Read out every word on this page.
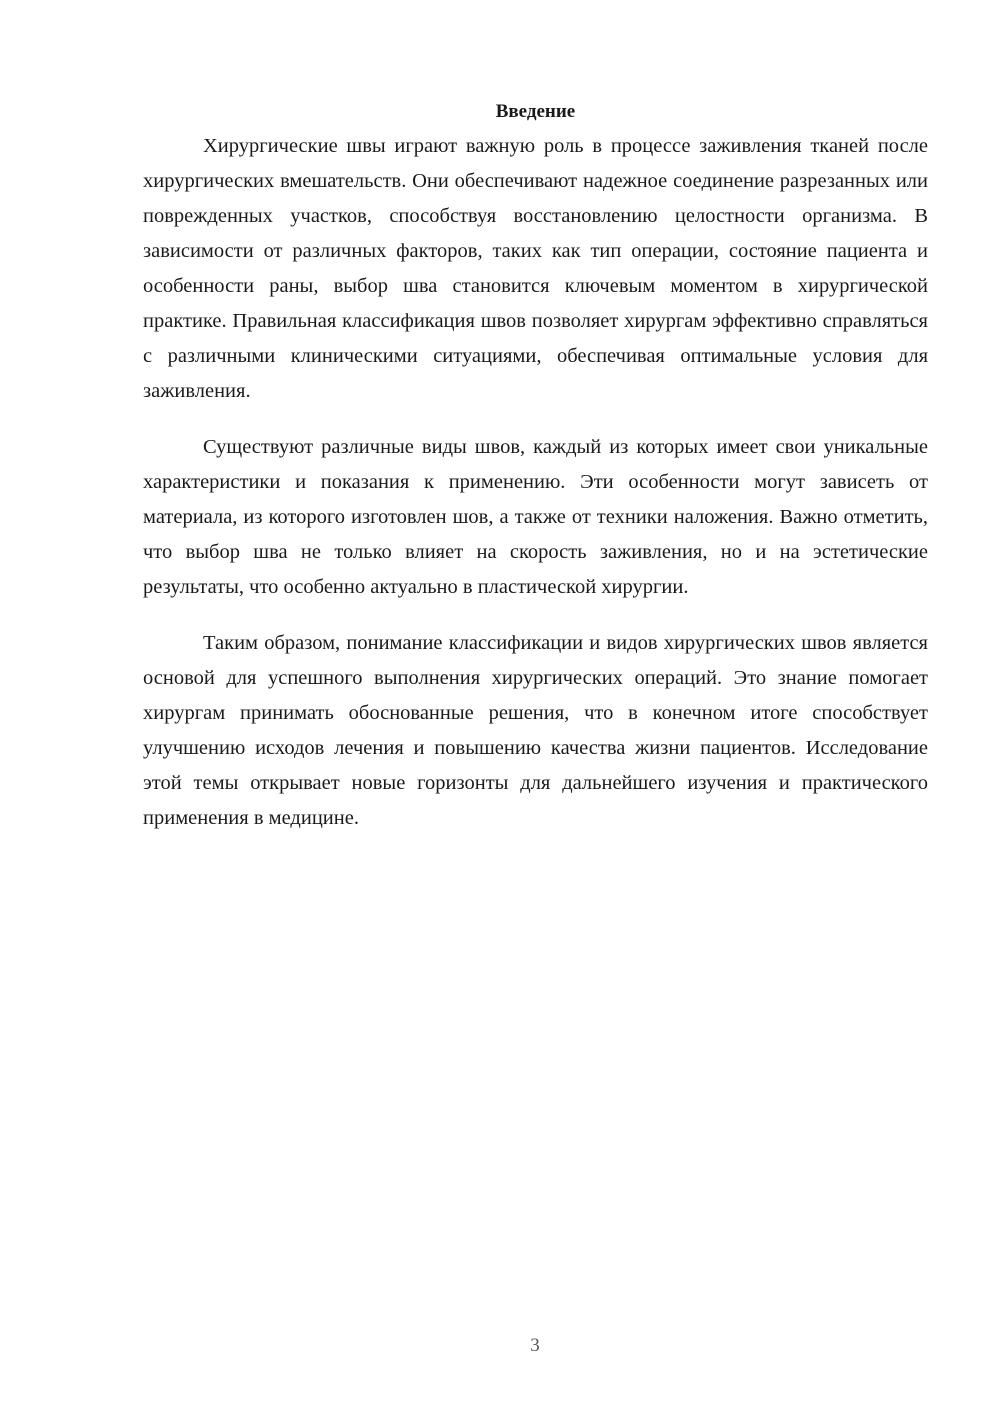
Введение

Хирургические швы играют важную роль в процессе заживления тканей после хирургических вмешательств. Они обеспечивают надежное соединение разрезанных или поврежденных участков, способствуя восстановлению целостности организма. В зависимости от различных факторов, таких как тип операции, состояние пациента и особенности раны, выбор шва становится ключевым моментом в хирургической практике. Правильная классификация швов позволяет хирургам эффективно справляться с различными клиническими ситуациями, обеспечивая оптимальные условия для заживления.

Существуют различные виды швов, каждый из которых имеет свои уникальные характеристики и показания к применению. Эти особенности могут зависеть от материала, из которого изготовлен шов, а также от техники наложения. Важно отметить, что выбор шва не только влияет на скорость заживления, но и на эстетические результаты, что особенно актуально в пластической хирургии.

Таким образом, понимание классификации и видов хирургических швов является основой для успешного выполнения хирургических операций. Это знание помогает хирургам принимать обоснованные решения, что в конечном итоге способствует улучшению исходов лечения и повышению качества жизни пациентов. Исследование этой темы открывает новые горизонты для дальнейшего изучения и практического применения в медицине.

3
